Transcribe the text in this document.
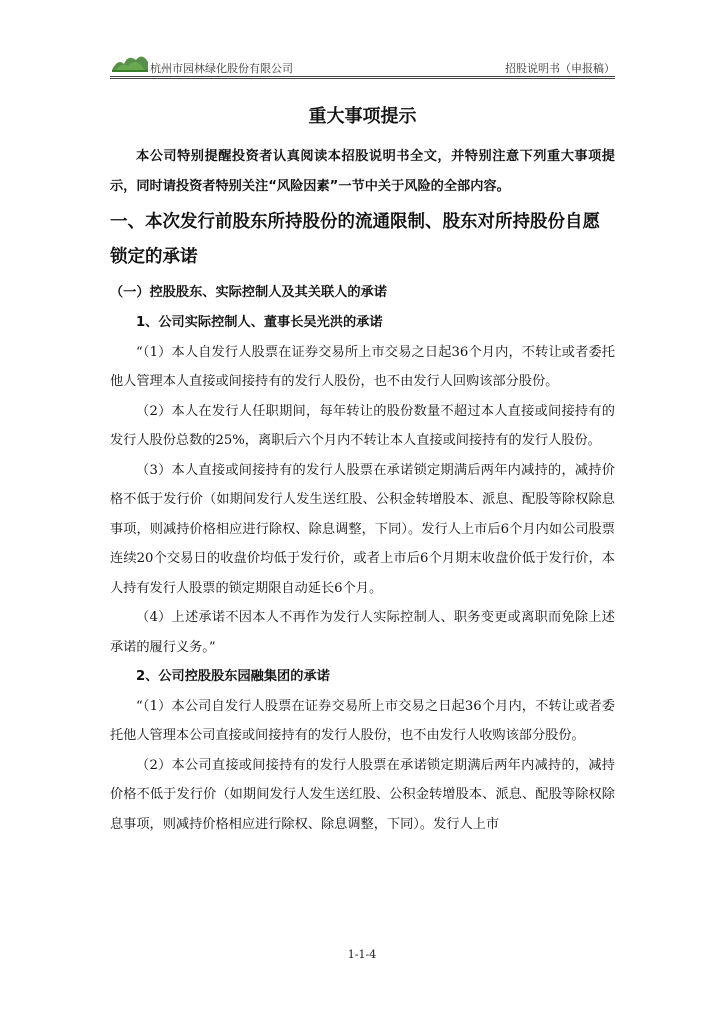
杭州市园林绿化股份有限公司	招股说明书（申报稿）
重大事项提示

本公司特别提醒投资者认真阅读本招股说明书全文，并特别注意下列重大事项提示，同时请投资者特别关注“风险因素”一节中关于风险的全部内容。

一、本次发行前股东所持股份的流通限制、股东对所持股份自愿锁定的承诺

（一）控股股东、实际控制人及其关联人的承诺

1、公司实际控制人、董事长吴光洪的承诺

“（1）本人自发行人股票在证券交易所上市交易之日起36个月内，不转让或者委托他人管理本人直接或间接持有的发行人股份，也不由发行人回购该部分股份。

（2）本人在发行人任职期间，每年转让的股份数量不超过本人直接或间接持有的发行人股份总数的25%，离职后六个月内不转让本人直接或间接持有的发行人股份。

（3）本人直接或间接持有的发行人股票在承诺锁定期满后两年内减持的，减持价格不低于发行价（如期间发行人发生送红股、公积金转增股本、派息、配股等除权除息事项，则减持价格相应进行除权、除息调整，下同）。发行人上市后6个月内如公司股票连续20个交易日的收盘价均低于发行价，或者上市后6个月期末收盘价低于发行价，本人持有发行人股票的锁定期限自动延长6个月。

（4）上述承诺不因本人不再作为发行人实际控制人、职务变更或离职而免除上述承诺的履行义务。”

2、公司控股股东园融集团的承诺

“（1）本公司自发行人股票在证券交易所上市交易之日起36个月内，不转让或者委托他人管理本公司直接或间接持有的发行人股份，也不由发行人收购该部分股份。

（2）本公司直接或间接持有的发行人股票在承诺锁定期满后两年内减持的，减持价格不低于发行价（如期间发行人发生送红股、公积金转增股本、派息、配股等除权除息事项，则减持价格相应进行除权、除息调整，下同）。发行人上市

1-1-4
